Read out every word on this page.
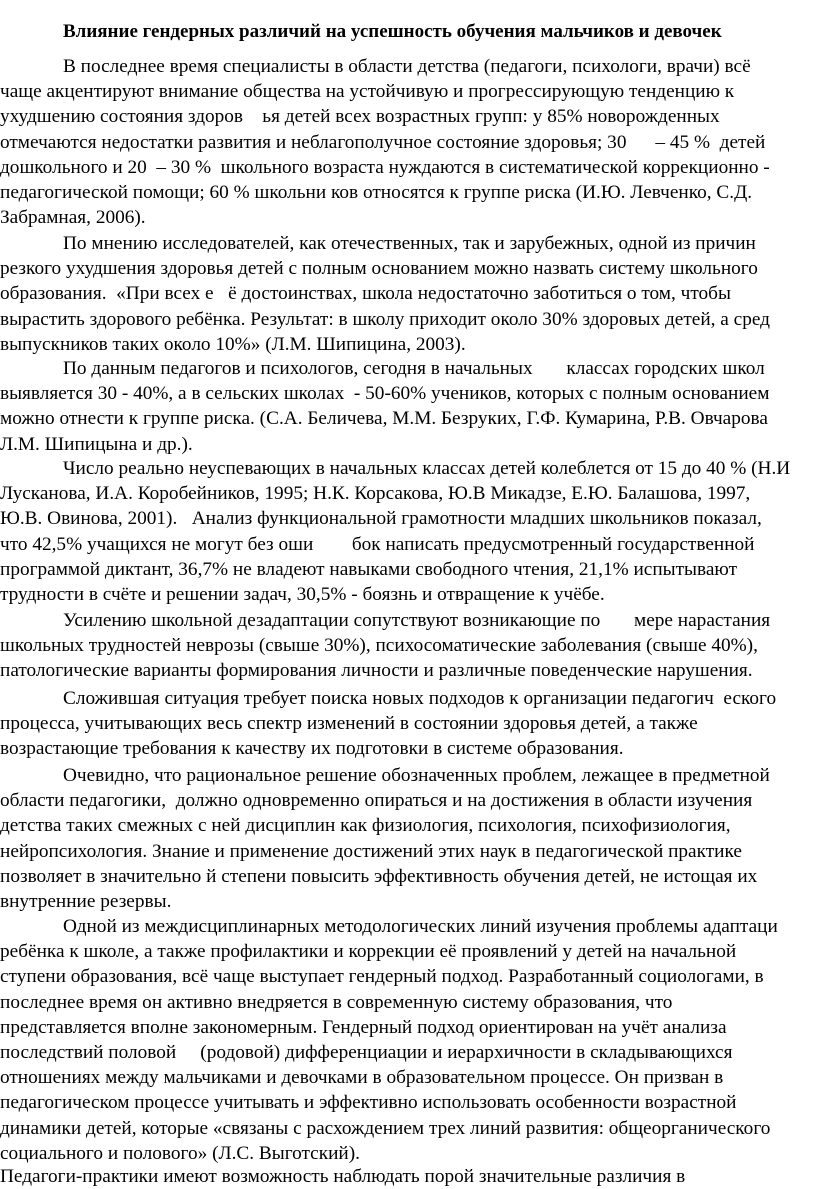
Влияние гендерных различий на успешность обучения мальчиков и девочек
В последнее время специалисты в области детства (педагоги, психологи, врачи) всё
чаще акцентируют внимание общества на устойчивую и прогрессирующую тенденцию к
ухудшению состояния здоров    ья детей всех возрастных групп: у 85% новорожденных
отмечаются недостатки развития и неблагополучное состояние здоровья; 30      – 45 %  детей
дошкольного и 20  – 30 %  школьного возраста нуждаются в систематической коррекционно -
педагогической помощи; 60 % школьни ков относятся к группе риска (И.Ю. Левченко, С.Д.
Забрамная, 2006).
По мнению исследователей, как отечественных, так и зарубежных, одной из причин
резкого ухудшения здоровья детей с полным основанием можно назвать систему школьного
образования.  «При всех е   ё достоинствах, школа недостаточно заботиться о том, чтобы
вырастить здорового ребёнка. Результат: в школу приходит около 30% здоровых детей, а сред
выпускников таких около 10%» (Л.М. Шипицина, 2003).
По данным педагогов и психологов, сегодня в начальных       классах городских школ
выявляется 30 - 40%, а в сельских школах  - 50-60% учеников, которых с полным основанием
можно отнести к группе риска. (С.А. Беличева, М.М. Безруких, Г.Ф. Кумарина, Р.В. Овчарова
Л.М. Шипицына и др.).
Число реально неуспевающих в начальных классах детей колеблется от 15 до 40 % (Н.И
Лусканова, И.А. Коробейников, 1995; Н.К. Корсакова, Ю.В Микадзе, Е.Ю. Балашова, 1997,
Ю.В. Овинова, 2001).   Анализ функциональной грамотности младших школьников показал,
что 42,5% учащихся не могут без оши        бок написать предусмотренный государственной
программой диктант, 36,7% не владеют навыками свободного чтения, 21,1% испытывают
трудности в счёте и решении задач, 30,5% - боязнь и отвращение к учёбе.
Усилению школьной дезадаптации сопутствуют возникающие по       мере нарастания
школьных трудностей неврозы (свыше 30%), психосоматические заболевания (свыше 40%),
патологические варианты формирования личности и различные поведенческие нарушения.
Сложившая ситуация требует поиска новых подходов к организации педагогич  еского
процесса, учитывающих весь спектр изменений в состоянии здоровья детей, а также
возрастающие требования к качеству их подготовки в системе образования.
Очевидно, что рациональное решение обозначенных проблем, лежащее в предметной
области педагогики,  должно одновременно опираться и на достижения в области изучения
детства таких смежных с ней дисциплин как физиология, психология, психофизиология,
нейропсихология. Знание и применение достижений этих наук в педагогической практике
позволяет в значительно й степени повысить эффективность обучения детей, не истощая их
внутренние резервы.
Одной из междисциплинарных методологических линий изучения проблемы адаптаци
ребёнка к школе, а также профилактики и коррекции её проявлений у детей на начальной
ступени образования, всё чаще выступает гендерный подход. Разработанный социологами, в
последнее время он активно внедряется в современную систему образования, что
представляется вполне закономерным. Гендерный подход ориентирован на учёт анализа
последствий половой     (родовой) дифференциации и иерархичности в складывающихся
отношениях между мальчиками и девочками в образовательном процессе. Он призван в
педагогическом процессе учитывать и эффективно использовать особенности возрастной
динамики детей, которые «связаны с расхождением трех линий развития: общеорганического
социального и полового» (Л.С. Выготский).
Педагоги-практики имеют возможность наблюдать порой значительные различия в
